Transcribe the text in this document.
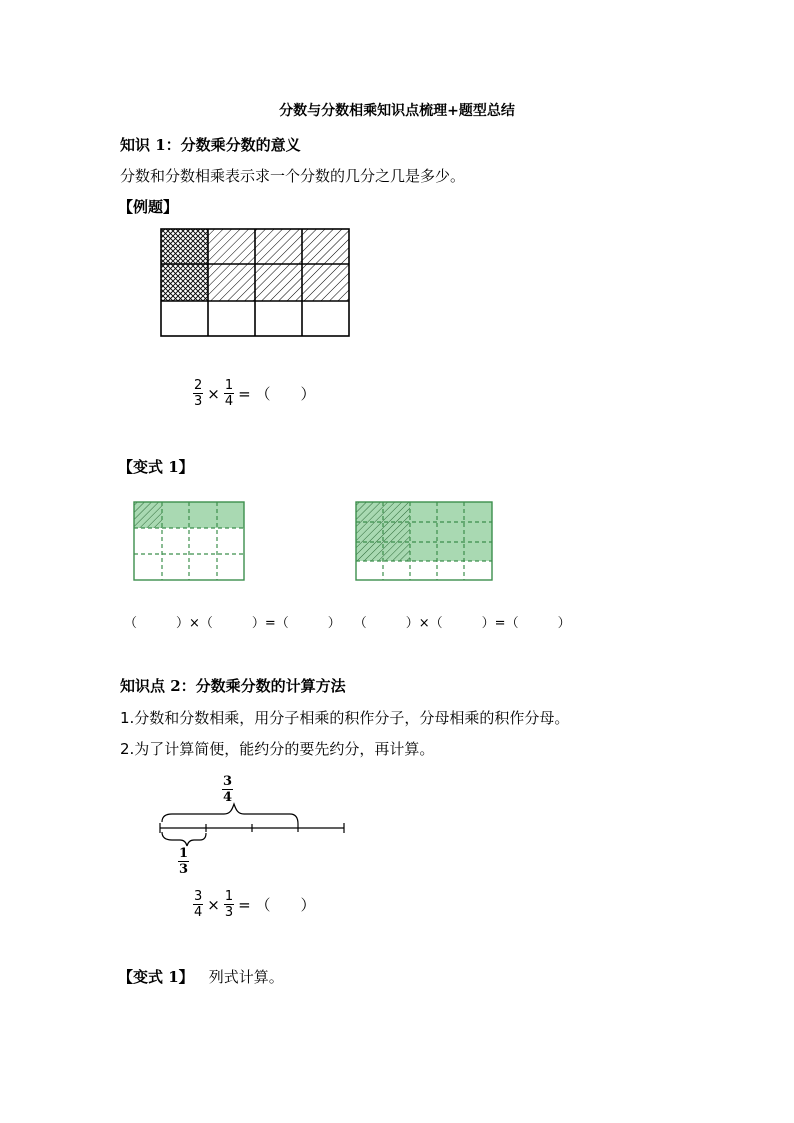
分数与分数相乘知识点梳理+题型总结
知识 1：分数乘分数的意义
分数和分数相乘表示求一个分数的几分之几是多少。
【例题】
$\frac{2}{3} \times \frac{1}{4}$ = （　　）
【变式 1】
（　　　）×（　　　）=（　　　）　　（　　　）×（　　　）=（　　　）
知识点 2：分数乘分数的计算方法
1.分数和分数相乘，用分子相乘的积作分子，分母相乘的积作分母。
2.为了计算简便，能约分的要先约分，再计算。
$\frac{3}{4}$
$\frac{1}{3}$
$\frac{3}{4} \times \frac{1}{3}$ = （　　）
【变式 1】 列式计算。
